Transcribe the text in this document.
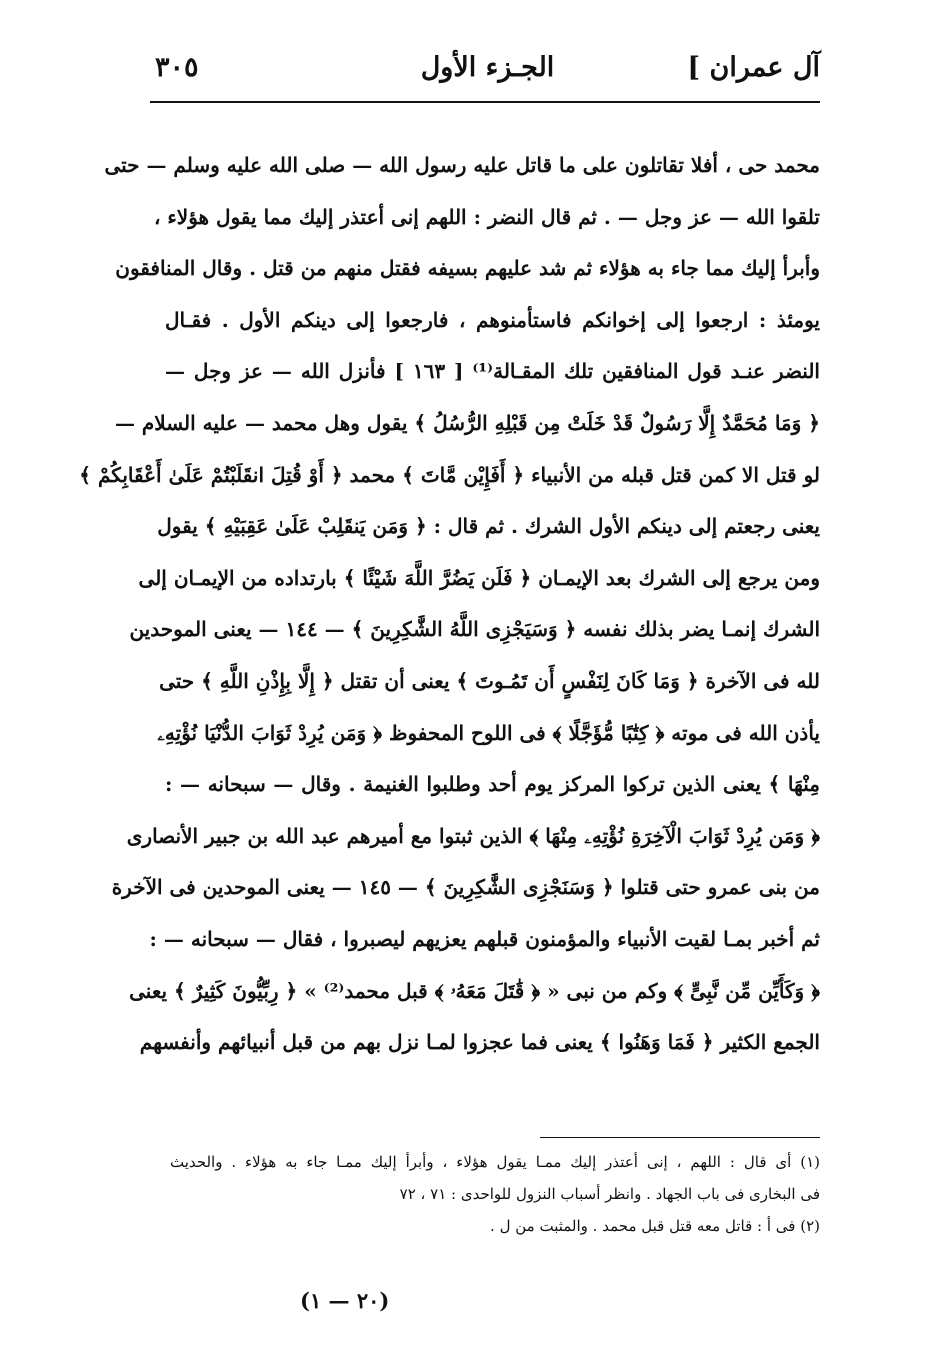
آل عمران ]
الجـزء الأول
٣٠٥
محمد حى ، أفلا تقاتلون على ما قاتل عليه رسول الله — صلى الله عليه وسلم — حتى
تلقوا الله — عز وجل — . ثم قال النضر : اللهم إنى أعتذر إليك مما يقول هؤلاء ،
وأبرأ إليك مما جاء به هؤلاء ثم شد عليهم بسيفه فقتل منهم من قتل . وقال المنافقون
يومئذ : ارجعوا إلى إخوانكم فاستأمنوهم ، فارجعوا إلى دينكم الأول . فقـال
النضر عنـد قول المنافقين تلك المقـالة⁽¹⁾ [ ١٦٣ ] فأنزل الله — عز وجل —
﴿ وَمَا مُحَمَّدٌ إِلَّا رَسُولٌ قَدْ خَلَتْ مِن قَبْلِهِ الرُّسُلُ ﴾ يقول وهل محمد — عليه السلام —
لو قتل الا كمن قتل قبله من الأنبياء ﴿ أَفَإِيْن مَّاتَ ﴾ محمد ﴿ أَوْ قُتِلَ انقَلَبْتُمْ عَلَىٰ أَعْقَابِكُمْ ﴾
يعنى رجعتم إلى دينكم الأول الشرك . ثم قال : ﴿ وَمَن يَنقَلِبْ عَلَىٰ عَقِبَيْهِ ﴾ يقول
ومن يرجع إلى الشرك بعد الإيمـان ﴿ فَلَن يَضُرَّ اللَّهَ شَيْئًا ﴾ بارتداده من الإيمـان إلى
الشرك إنمـا يضر بذلك نفسه ﴿ وَسَيَجْزِى اللَّهُ الشَّٰكِرِينَ ﴾ — ١٤٤ — يعنى الموحدين
لله فى الآخرة ﴿ وَمَا كَانَ لِنَفْسٍ أَن تَمُـوتَ ﴾ يعنى أن تقتل ﴿ إِلَّا بِإِذْنِ اللَّهِ ﴾ حتى
يأذن الله فى موته ﴿ كِتَٰبًا مُّؤَجَّلًا ﴾ فى اللوح المحفوظ ﴿ وَمَن يُرِدْ ثَوَابَ الدُّنْيَا نُؤْتِهِۦ
مِنْهَا ﴾ يعنى الذين تركوا المركز يوم أحد وطلبوا الغنيمة . وقال — سبحانه — :
﴿ وَمَن يُرِدْ ثَوَابَ الْآخِرَةِ نُؤْتِهِۦ مِنْهَا ﴾ الذين ثبتوا مع أميرهم عبد الله بن جبير الأنصارى
من بنى عمرو حتى قتلوا ﴿ وَسَنَجْزِى الشَّٰكِرِينَ ﴾ — ١٤٥ — يعنى الموحدين فى الآخرة
ثم أخبر بمـا لقيت الأنبياء والمؤمنون قبلهم يعزيهم ليصبروا ، فقال — سبحانه — :
﴿ وَكَأَيِّن مِّن نَّبِىٍّ ﴾ وكم من نبى « ﴿ قَٰتَلَ مَعَهُۥ ﴾ قبل محمد⁽²⁾ » ﴿ رِبِّيُّونَ كَثِيرٌ ﴾ يعنى
الجمع الكثير ﴿ فَمَا وَهَنُوا ﴾ يعنى فما عجزوا لمـا نزل بهم من قبل أنبيائهم وأنفسهم
(١) أى قال : اللهم ، إنى أعتذر إليك ممـا يقول هؤلاء ، وأبرأ إليك ممـا جاء به هؤلاء . والحديث
فى البخارى فى باب الجهاد . وانظر أسباب النزول للواحدى : ٧١ ، ٧٢
(٢) فى أ : قاتل معه قتل قبل محمد . والمثبت من ل .
(٢٠ — ١)
